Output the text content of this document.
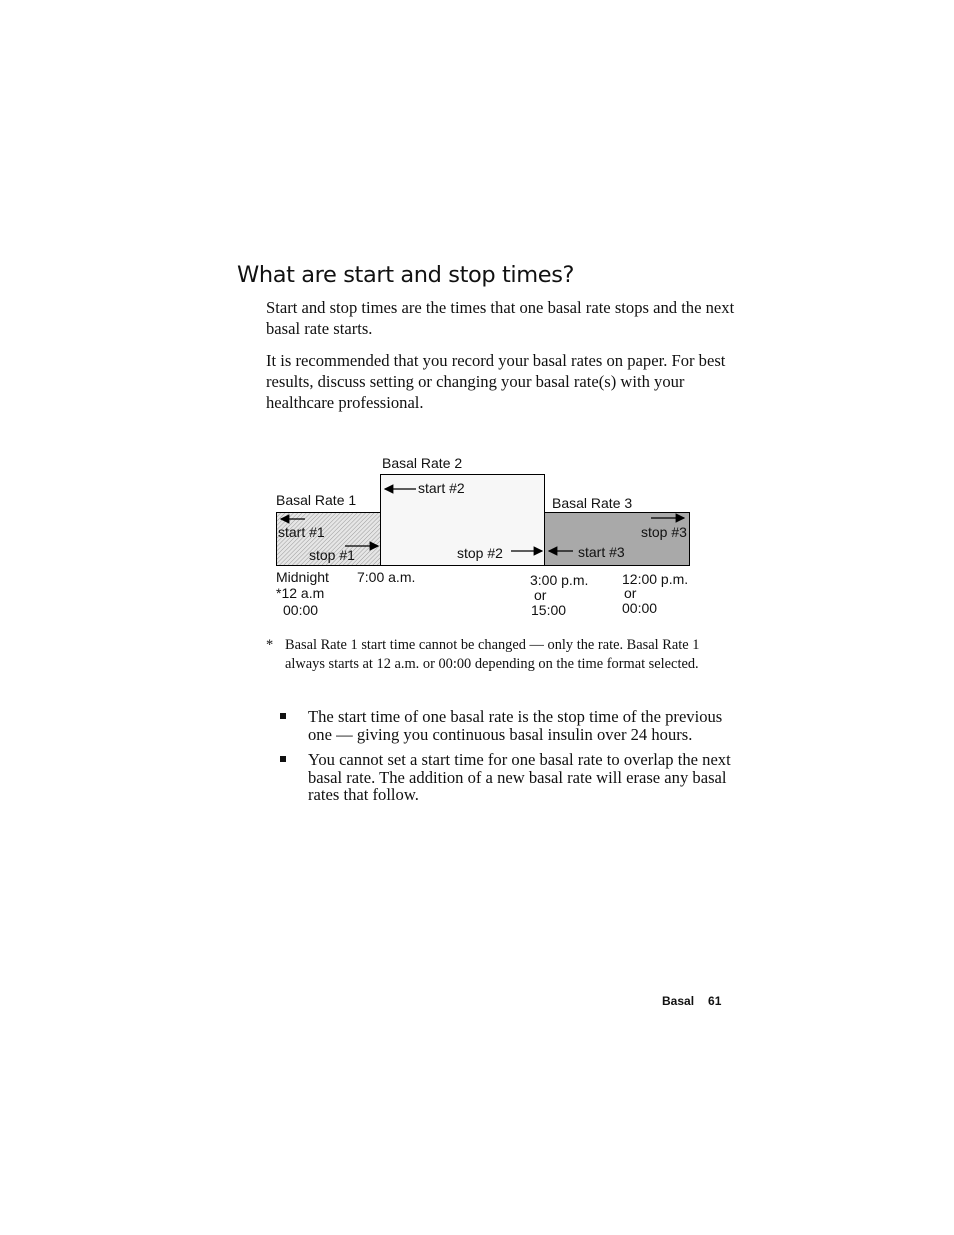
What are start and stop times?
Start and stop times are the times that one basal rate stops and the next basal rate starts.
It is recommended that you record your basal rates on paper. For best results, discuss setting or changing your basal rate(s) with your healthcare professional.
Basal Rate 2
Basal Rate 1	Basal Rate 3
start #1
stop #1
start #2
stop #2	start #3
stop #3
Midnight
*12 a.m
00:00
7:00 a.m.	3:00 p.m.
or
15:00
12:00 p.m.
or
00:00
* Basal Rate 1 start time cannot be changed — only the rate. Basal Rate 1 always starts at 12 a.m. or 00:00 depending on the time format selected.
The start time of one basal rate is the stop time of the previous one — giving you continuous basal insulin over 24 hours.
You cannot set a start time for one basal rate to overlap the next basal rate. The addition of a new basal rate will erase any basal rates that follow.
Basal 61
